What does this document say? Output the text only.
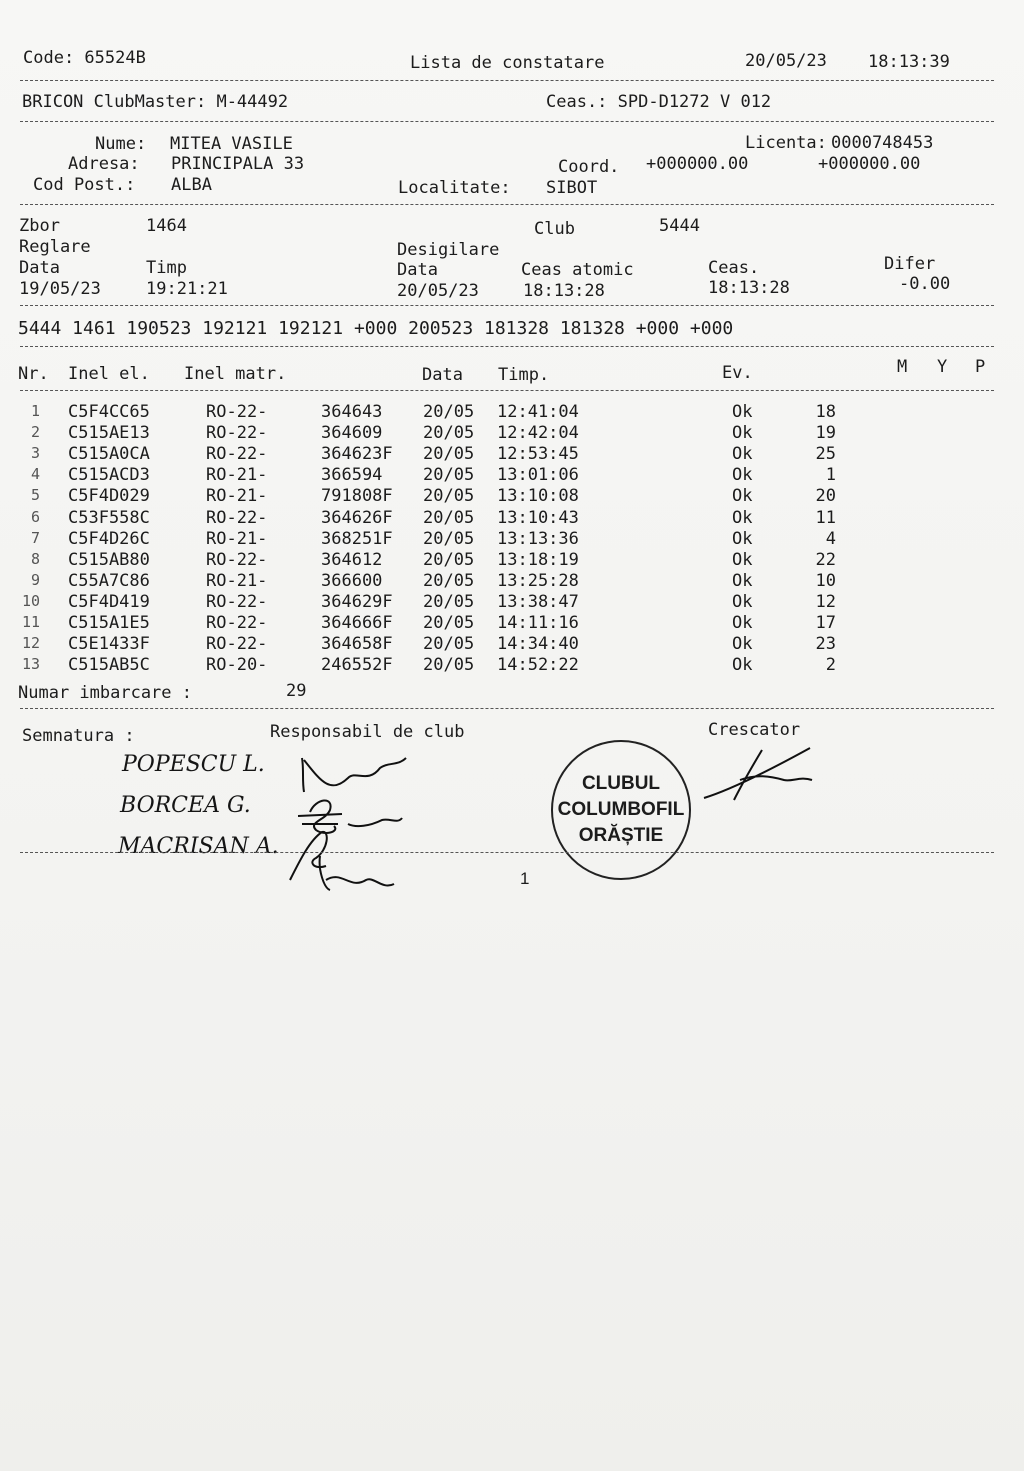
Code: 65524B	Lista de constatare	20/05/23 18:13:39
BRICON ClubMaster: M-44492	Ceas.: SPD-D1272 V 012
Nume: MITEA VASILE	Licenta: 0000748453
Adresa: PRINCIPALA 33	Coord. +000000.00	+000000.00
Cod Post.: ALBA	Localitate: SIBOT
Zbor	1464	Club	5444
Reglare	Desigilare
Data	Timp	Data	Ceas atomic	Ceas.	Difer
19/05/23	19:21:21	20/05/23	18:13:28	18:13:28	-0.00
5444 1461 190523 192121 192121 +000 200523 181328 181328 +000 +000
Nr. Inel el. Inel matr.	Data Timp.	Ev.	M Y P
1 C5F4CC65	RO-22-	364643 20/05 12:41:04	Ok	18
2 C515AE13	RO-22-	364609 20/05 12:42:04	Ok	19
3 C515A0CA	RO-22-	364623F 20/05 12:53:45	Ok	25
4 C515ACD3	RO-21-	366594 20/05 13:01:06	Ok	1
5 C5F4D029	RO-21-	791808F 20/05 13:10:08	Ok	20
6 C53F558C	RO-22-	364626F 20/05 13:10:43	Ok	11
7 C5F4D26C	RO-21-	368251F 20/05 13:13:36	Ok	4
8 C515AB80	RO-22-	364612 20/05 13:18:19	Ok	22
9 C55A7C86	RO-21-	366600 20/05 13:25:28	Ok	10
10 C5F4D419	RO-22-	364629F 20/05 13:38:47	Ok	12
11 C515A1E5	RO-22-	364666F 20/05 14:11:16	Ok	17
12 C5E1433F	RO-22-	364658F 20/05 14:34:40	Ok	23
13 C515AB5C	RO-20-	246552F 20/05 14:52:22	Ok	2
Numar imbarcare :	29
Semnatura :	Responsabil de club	Crescator
POPESCU L.
BORCEA G.
MACRISAN A.
CLUBUL
COLUMBOFIL
ORĂȘTIE
1
